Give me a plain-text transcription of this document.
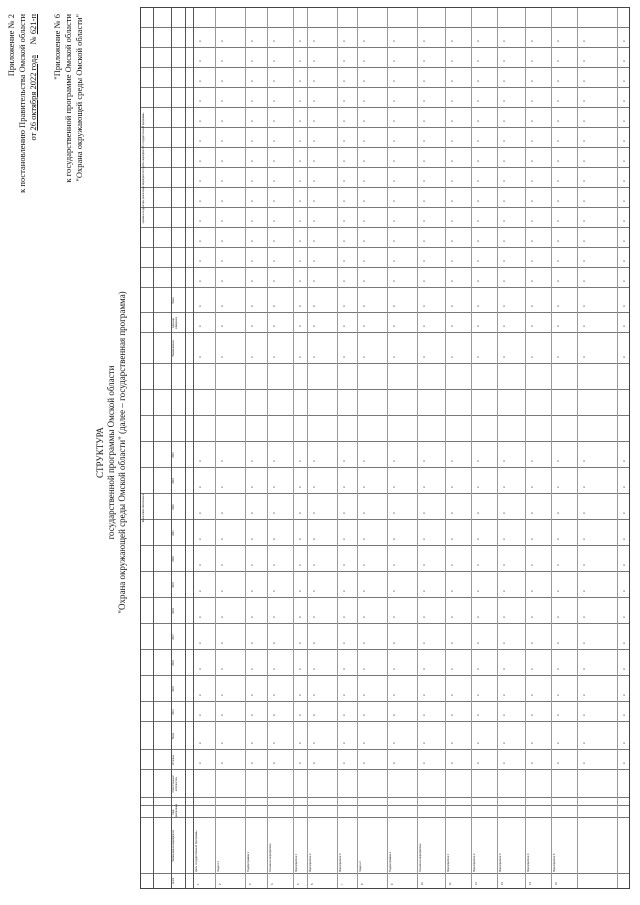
Приложение № 2 к постановлению Правительства Омской области от 26 октября 2022 года     № 621-п "Приложение № 6 к государственной программе Омской области "Охрана окружающей среды Омской области"
СТРУКТУРА государственной программы Омской области "Охрана окружающей среды Омской области" (далее – государственная программа)	Финансовое обеспечение
Целевые индикаторы реализации мероприятия (группы мероприятий) государственной программы
№ п/п
Наименование мероприятия
Срок реализации
Ответственный исполнитель
Источник
Всего
2014
2015
2016
2017
2018
2019
2020
2021
2022
2023
2024
Наименование
Единица измерения
Всего
Цель государственной программы
1
Задача 1
2
Подпрограмма 1
3
Основное мероприятие
4
Мероприятие 1
5
Мероприятие 2
6
Мероприятие 3
7
Задача 2
8
Подпрограмма 2
9
Основное мероприятие
10
Мероприятие 1
11
Мероприятие 2
12
Мероприятие 3
13
Мероприятие 4
14
Мероприятие 5
15
X
X
X
X
X
X
X
X
X
X
X
X
X
X
X
X
X
X
X
X
X
X
X
X
X
X
X
X
X
X
X
X
X
X
X
X
X
X
X
X
X
X
X
X
X
X
X
X
X
X
X
X
X
X
X
X
X
X
X
X
X
X
X
X
X
X
X
X
X
X
X
X
X
X
X
X
X
X
X
X
X
X
X
X
X
X
X
X
X
X
X
X
X
X
X
X
X
X
X
X
X
X
X
X
X
X
X
X
X
X
X
X
X
X
X
X
X
X
X
X
X
X
X
X
X
X
X
X
X
X
X
X
X
X
X
X
X
X
X
X
X
X
X
X
X
X
X
X
X
X
X
X
X
X
X
X
X
X
X
X
X
X
X
X
X
X
X
X
X
X
X
X
X
X
X
X
X
X
X
X
X
X
X
X
X
X
X
X
X
X
X
X
X
X
X
X
X
X
X
X
X
X
X
X
X
X
X
X
X
X
X
X
X
X
X
X
X
X
X
X
X
X
X
X
X
X
X
X
X
X
X
X
X
X
X
X
X
X
X
X
X
X
X
X
X
X
X
X
X
X
X
X
X
X
X
X
X
X
X
X
X
X
X
X
X
X
X
X
X
X
X
X
X
X
X
X
X
X
X
X
X
X
X
X
X
X
X
X
X
X
X
X
X
X
X
X
X
X
X
X
X
X
X
X
X
X
X
X
X
X
X
X
X
X
X
X
X
X
X
X
X
X
X
X
X
X
X
X
X
X
X
X
X
X
X
X
X
X
X
X
X
X
X
X
X
X
X
X
X
X
X
X
X
X
X
X
X
X
X
X
X
X
X
X
X
X
X
X
X
X
X
X
X
X
X
X
X
X
X
X
X
X
X
X
X
X
X
X
X
X
X
X
X
X
X
X
X
X
X
X
X
X
X
X
X
X
X
X
X
X
X
X
X
X
X
X
X
X
X
X
X
X
X
X
X
X
X
X
X
X
X
X
X
X
X
X
X
X
X
X
X
X
X
X
X
X
X
X
X
X
X
X
X
X
X
X
X
X
X
X
X
X
X
X
X
X
X
X
X
X
X
X
X
X
X
X
X
X
X
X
X
X
X
X
X
X
X
X
X
X
X
X
X
